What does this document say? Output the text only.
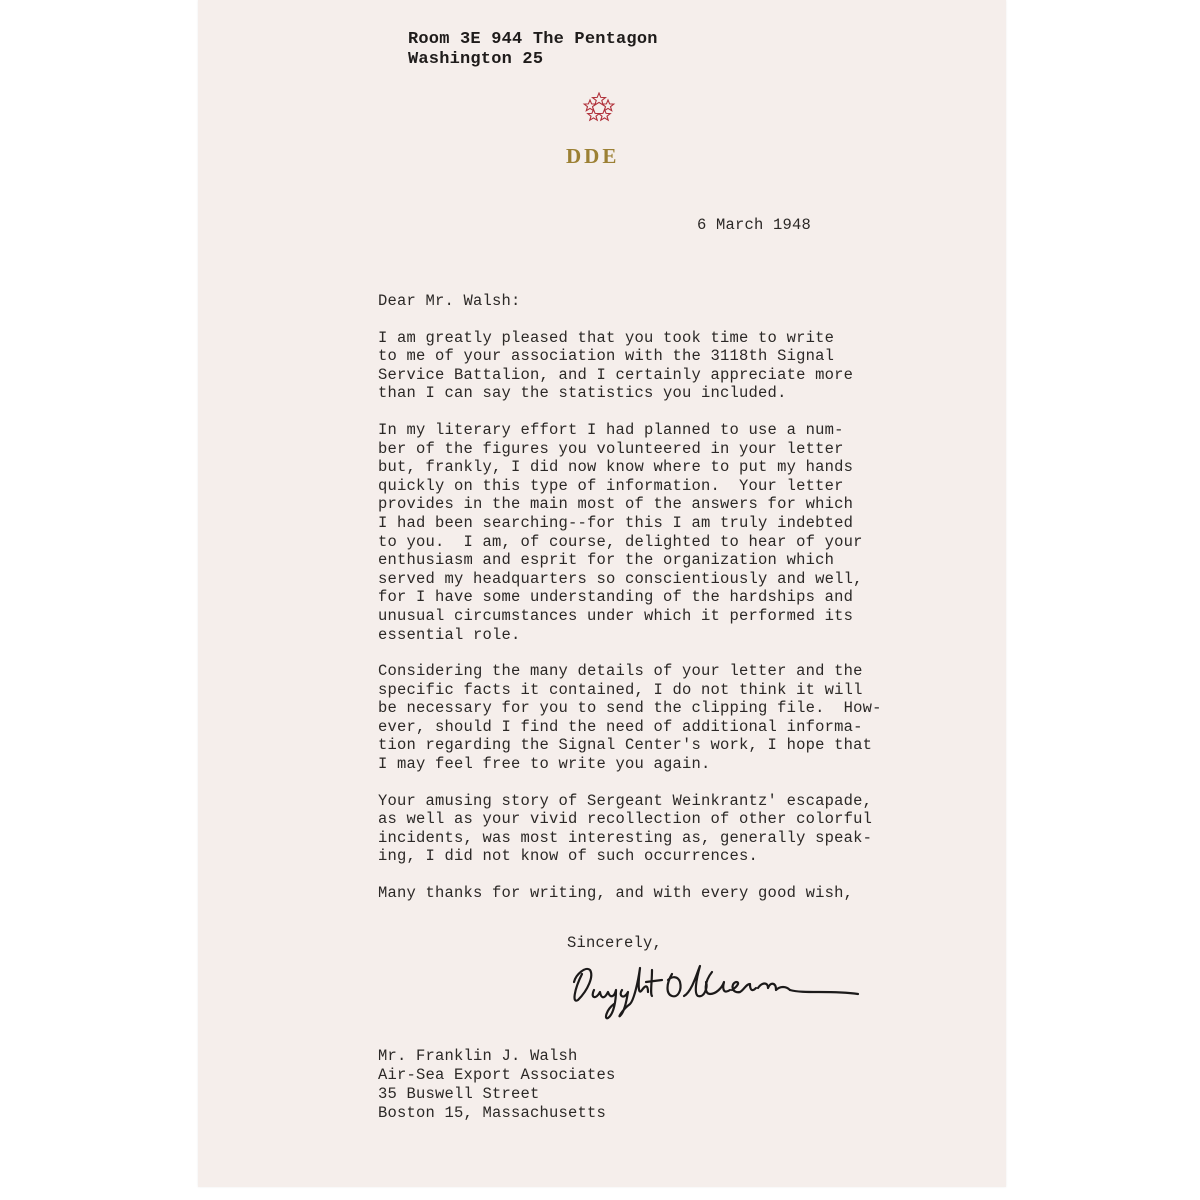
Room 3E 944 The Pentagon
Washington 25
DDE
6 March 1948
Dear Mr. Walsh:
I am greatly pleased that you took time to write
to me of your association with the 3118th Signal
Service Battalion, and I certainly appreciate more
than I can say the statistics you included.
In my literary effort I had planned to use a num-
ber of the figures you volunteered in your letter
but, frankly, I did now know where to put my hands
quickly on this type of information.  Your letter
provides in the main most of the answers for which
I had been searching--for this I am truly indebted
to you.  I am, of course, delighted to hear of your
enthusiasm and esprit for the organization which
served my headquarters so conscientiously and well,
for I have some understanding of the hardships and
unusual circumstances under which it performed its
essential role.
Considering the many details of your letter and the
specific facts it contained, I do not think it will
be necessary for you to send the clipping file.  How-
ever, should I find the need of additional informa-
tion regarding the Signal Center's work, I hope that
I may feel free to write you again.
Your amusing story of Sergeant Weinkrantz' escapade,
as well as your vivid recollection of other colorful
incidents, was most interesting as, generally speak-
ing, I did not know of such occurrences.
Many thanks for writing, and with every good wish,
Sincerely,
Mr. Franklin J. Walsh
Air-Sea Export Associates
35 Buswell Street
Boston 15, Massachusetts
